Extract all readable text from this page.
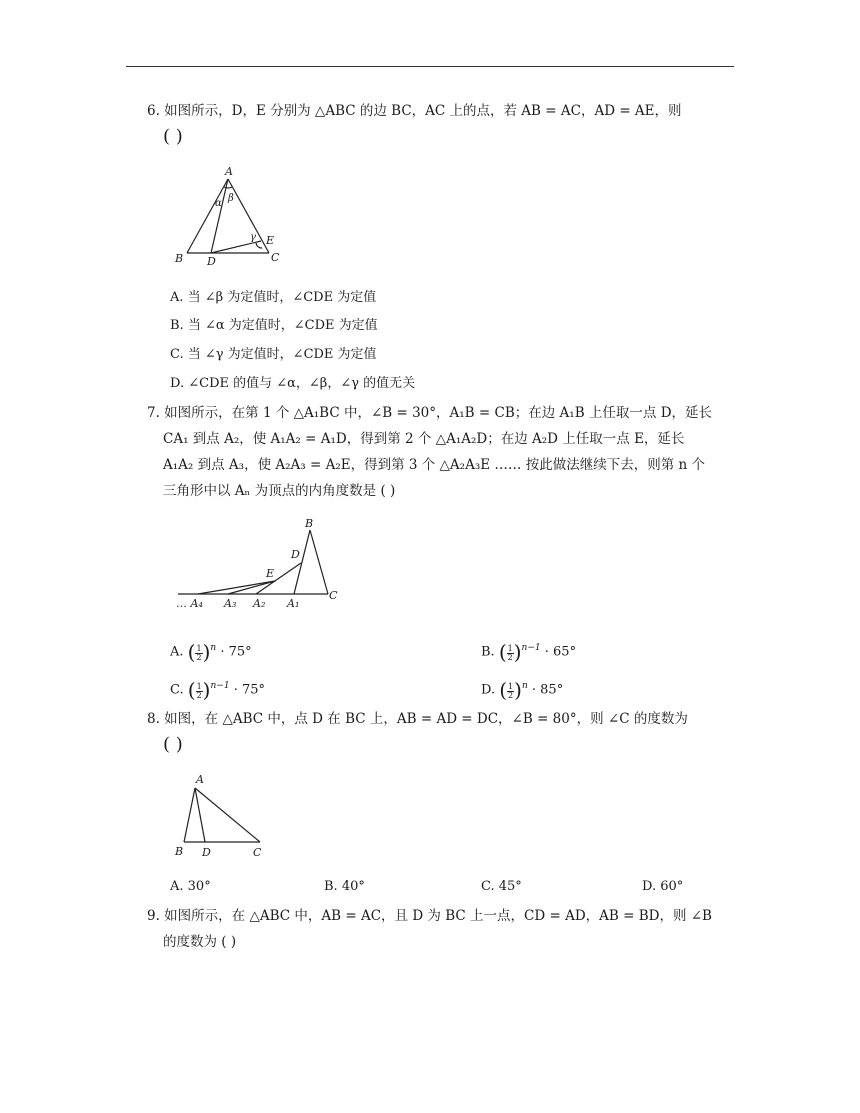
6. 如图所示，D，E 分别为 △ABC 的边 BC，AC 上的点，若 AB = AC，AD = AE，则
( )
A
B	C
D
E
α β
γ
A. 当 ∠β 为定值时，∠CDE 为定值
B. 当 ∠α 为定值时，∠CDE 为定值
C. 当 ∠γ 为定值时，∠CDE 为定值
D. ∠CDE 的值与 ∠α，∠β，∠γ 的值无关
7. 如图所示，在第 1 个 △A₁BC 中，∠B = 30°，A₁B = CB；在边 A₁B 上任取一点 D，延长
CA₁ 到点 A₂，使 A₁A₂ = A₁D，得到第 2 个 △A₁A₂D；在边 A₂D 上任取一点 E，延长
A₁A₂ 到点 A₃，使 A₂A₃ = A₂E，得到第 3 个 △A₂A₃E …… 按此做法继续下去，则第 n 个
三角形中以 Aₙ 为顶点的内角度数是 ( )
B
D
E
C
A₁
A₂
A₃
… A₄
A. ( $\frac{1}{2})^n \cdot 75^\circ$	B. ( $\frac{1}{2})^{n-1} \cdot 65^\circ$
C. ( $\frac{1}{2})^{n-1} \cdot 75^\circ$	D. ( $\frac{1}{2})^n \cdot 85^\circ$
8. 如图，在 △ABC 中，点 D 在 BC 上，AB = AD = DC，∠B = 80°，则 ∠C 的度数为
( )
A
B D	C
A. 30°	B. 40°	C. 45°	D. 60°
9. 如图所示，在 △ABC 中，AB = AC，且 D 为 BC 上一点，CD = AD，AB = BD，则 ∠B
的度数为 ( )
